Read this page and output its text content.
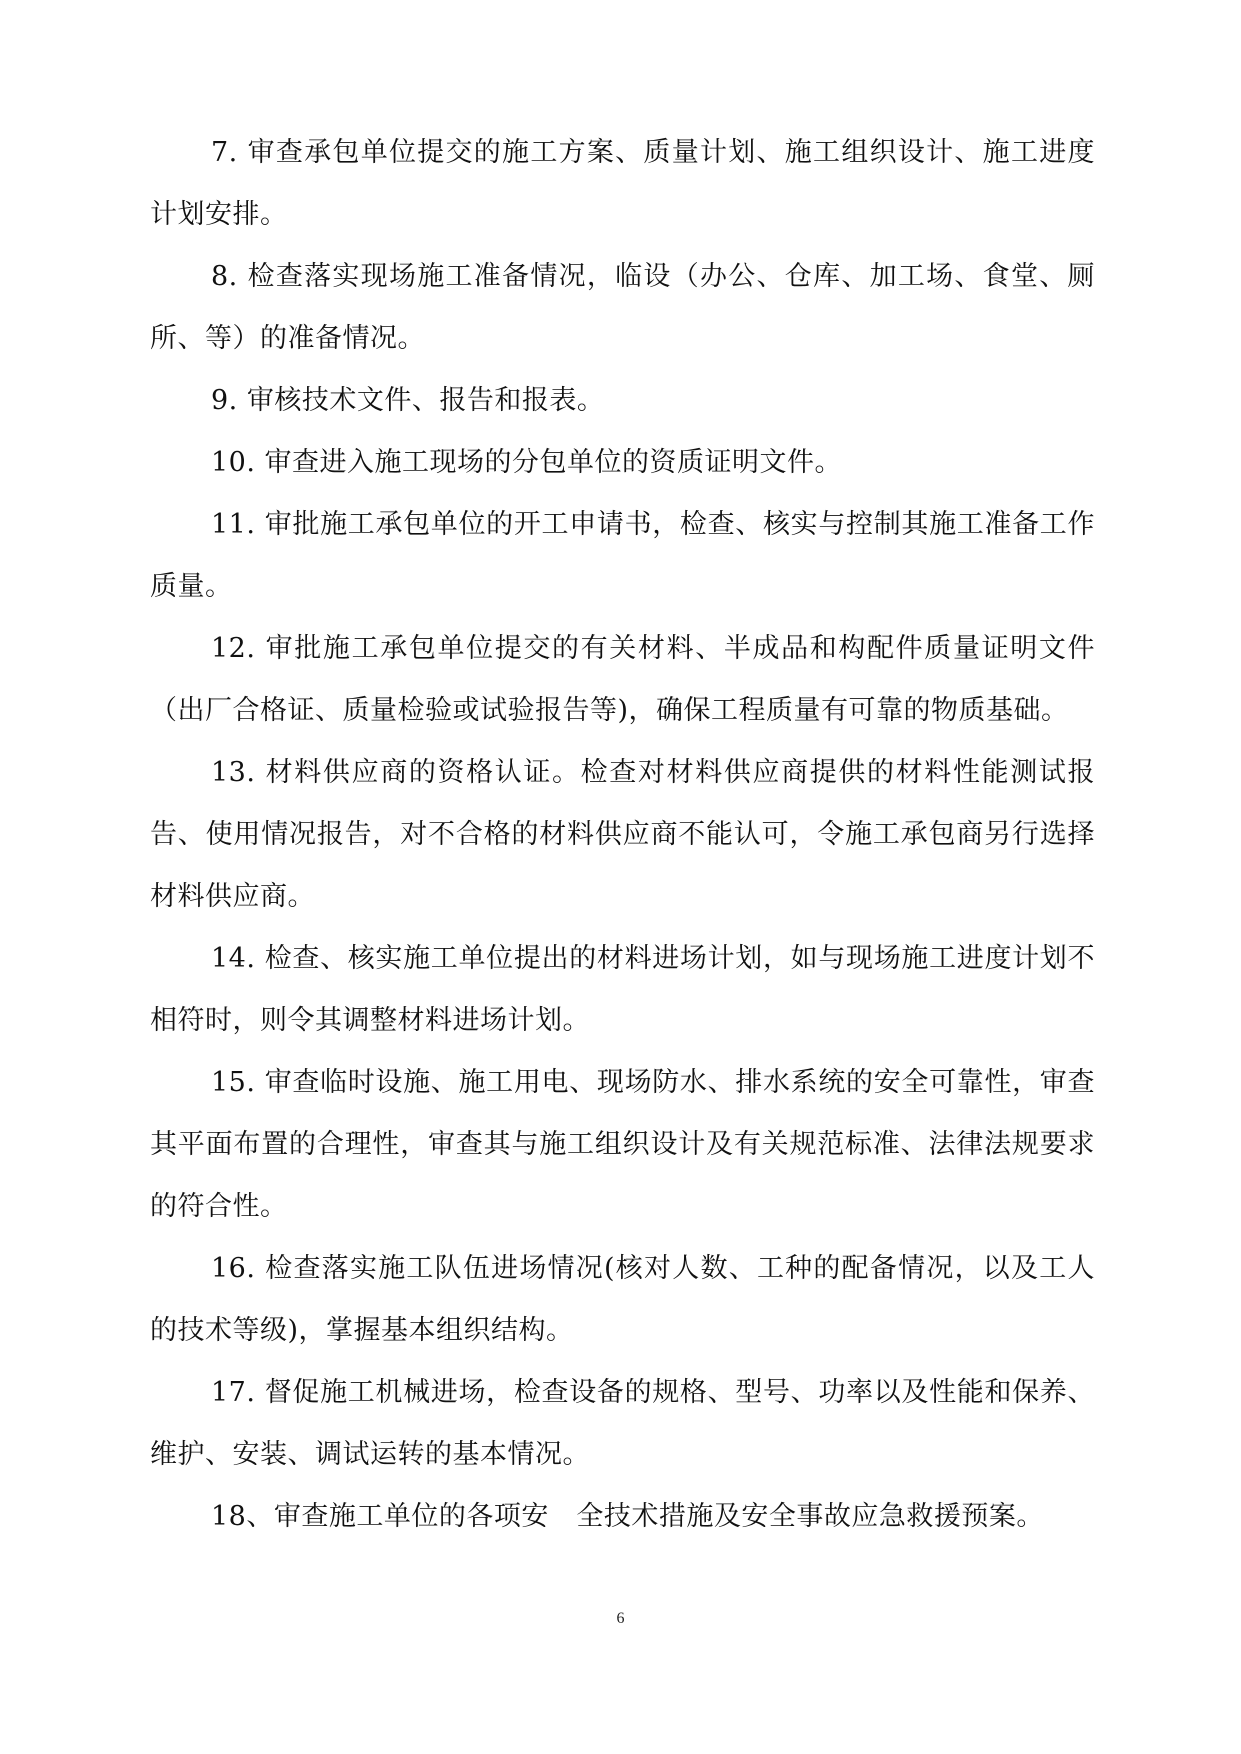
7. 审查承包单位提交的施工方案、质量计划、施工组织设计、施工进度计划安排。

8. 检查落实现场施工准备情况，临设（办公、仓库、加工场、食堂、厕所、等）的准备情况。

9. 审核技术文件、报告和报表。

10. 审查进入施工现场的分包单位的资质证明文件。

11. 审批施工承包单位的开工申请书，检查、核实与控制其施工准备工作质量。

12. 审批施工承包单位提交的有关材料、半成品和构配件质量证明文件（出厂合格证、质量检验或试验报告等)，确保工程质量有可靠的物质基础。

13. 材料供应商的资格认证。检查对材料供应商提供的材料性能测试报告、使用情况报告，对不合格的材料供应商不能认可，令施工承包商另行选择材料供应商。

14. 检查、核实施工单位提出的材料进场计划，如与现场施工进度计划不相符时，则令其调整材料进场计划。

15. 审查临时设施、施工用电、现场防水、排水系统的安全可靠性，审查其平面布置的合理性，审查其与施工组织设计及有关规范标准、法律法规要求的符合性。

16. 检查落实施工队伍进场情况(核对人数、工种的配备情况，以及工人的技术等级)，掌握基本组织结构。

17. 督促施工机械进场，检查设备的规格、型号、功率以及性能和保养、维护、安装、调试运转的基本情况。

18、审查施工单位的各项安　全技术措施及安全事故应急救援预案。

6
